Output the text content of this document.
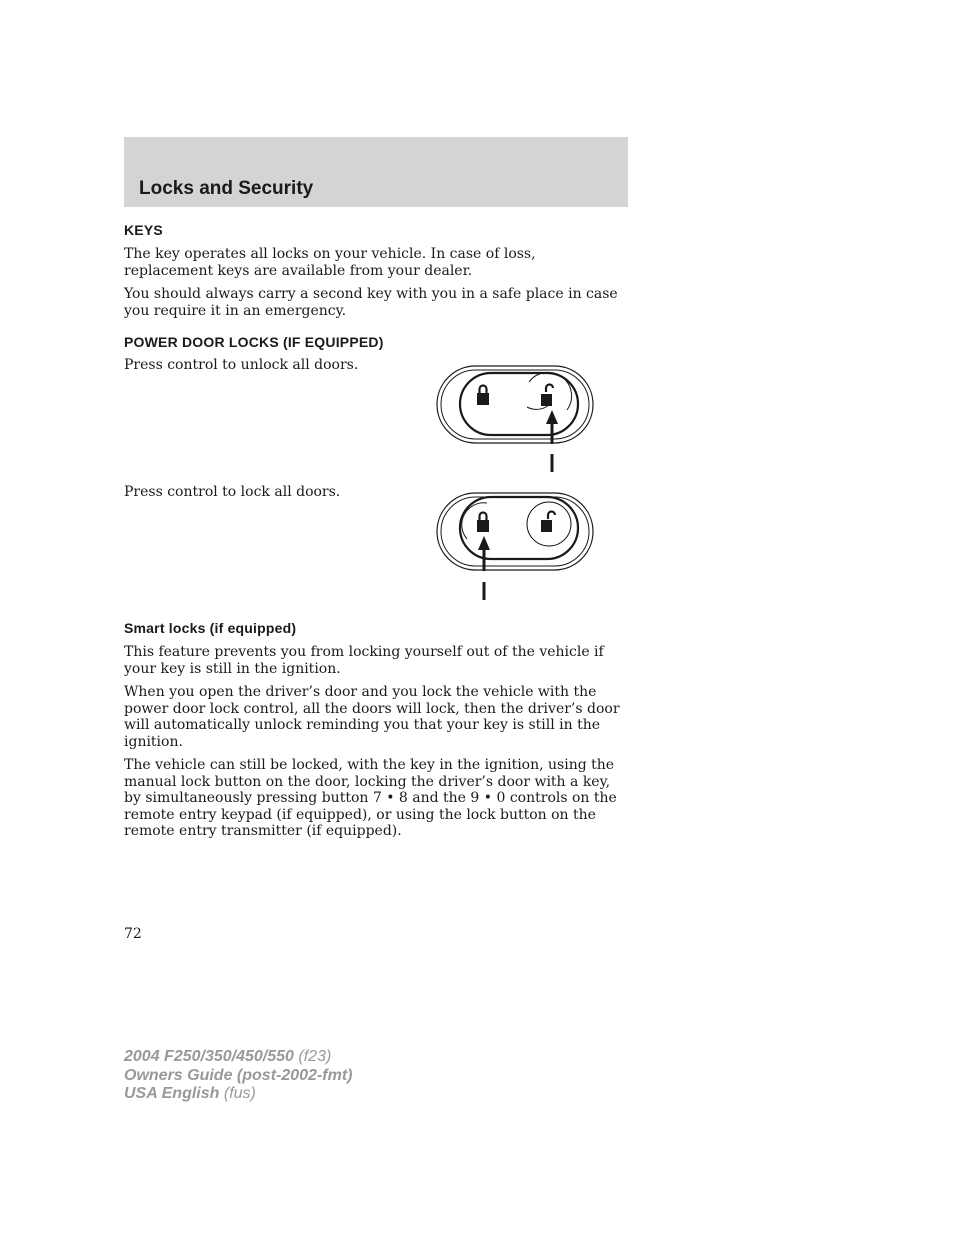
Locks and Security
KEYS

The key operates all locks on your vehicle. In case of loss, replacement keys are available from your dealer.

You should always carry a second key with you in a safe place in case you require it in an emergency.

POWER DOOR LOCKS (IF EQUIPPED)

Press control to unlock all doors.

Press control to lock all doors.

Smart locks (if equipped)

This feature prevents you from locking yourself out of the vehicle if your key is still in the ignition.

When you open the driver’s door and you lock the vehicle with the power door lock control, all the doors will lock, then the driver’s door will automatically unlock reminding you that your key is still in the ignition.

The vehicle can still be locked, with the key in the ignition, using the manual lock button on the door, locking the driver’s door with a key, by simultaneously pressing button 7 • 8 and the 9 • 0 controls on the remote entry keypad (if equipped), or using the lock button on the remote entry transmitter (if equipped).

72

2004 F250/350/450/550 (f23)
Owners Guide (post-2002-fmt)
USA English (fus)
